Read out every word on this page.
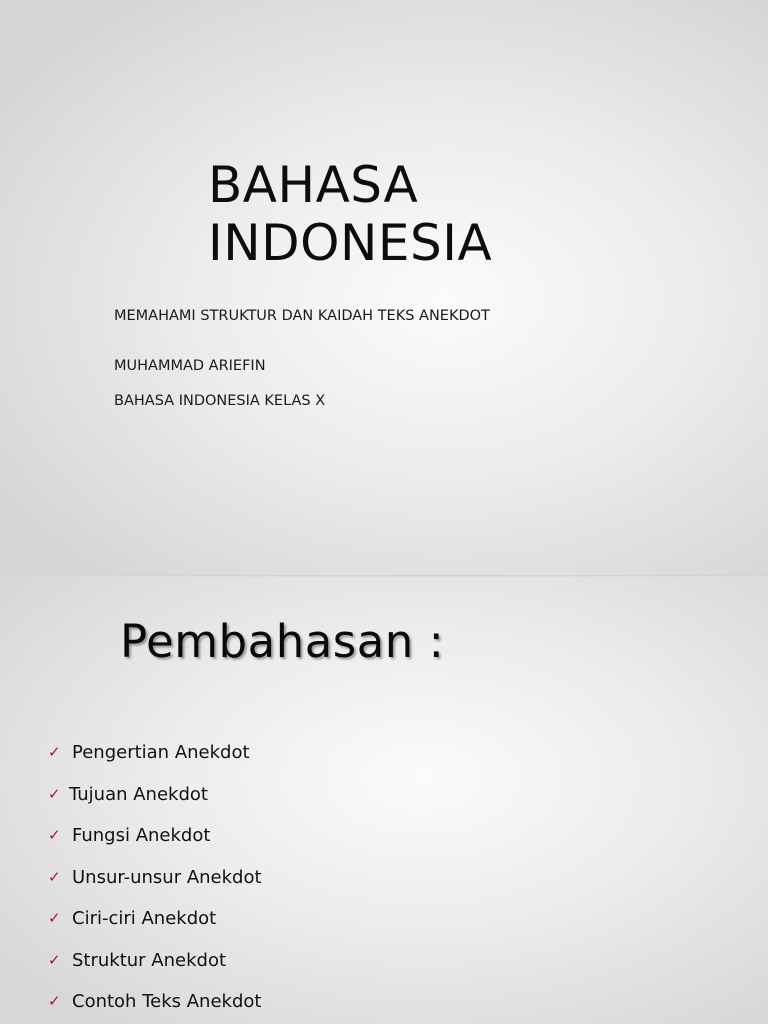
BAHASA
INDONESIA

MEMAHAMI STRUKTUR DAN KAIDAH TEKS ANEKDOT

MUHAMMAD ARIEFIN

BAHASA INDONESIA KELAS X

Pembahasan :
✓ Pengertian Anekdot
✓ Tujuan Anekdot
✓ Fungsi Anekdot
✓ Unsur-unsur Anekdot
✓ Ciri-ciri Anekdot
✓ Struktur Anekdot
✓ Contoh Teks Anekdot
